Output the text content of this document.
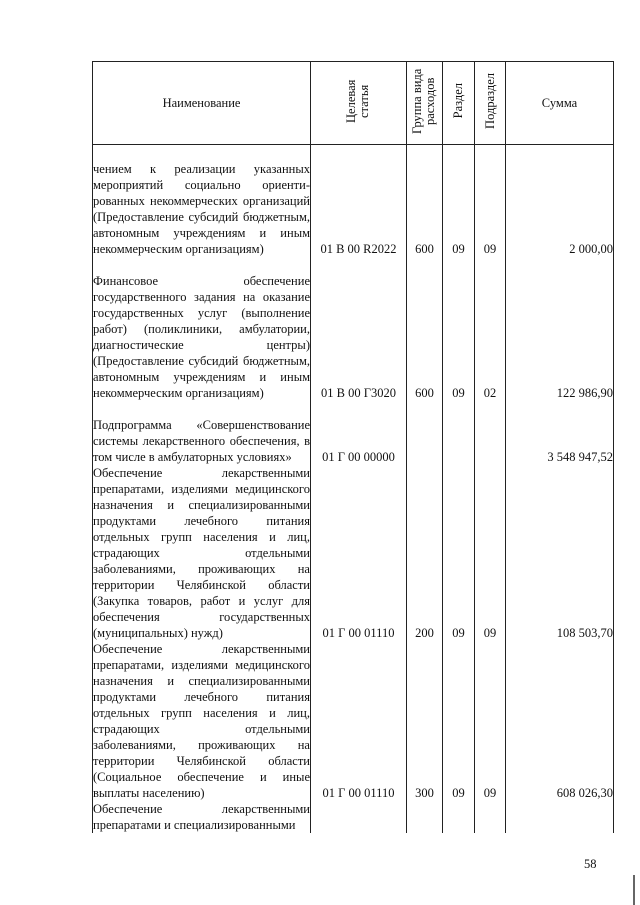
Наименование	Целевая статья	Группа вида расходов	Раздел	Подраздел	Сумма
чением к реализации указанных мероприятий социально ориенти-рованных некоммерческих организаций (Предоставление субсидий бюджетным, автономным учреждениям и иным некоммерческим организациям)	01 В 00 R2022	600	09	09	2 000,00
Финансовое обеспечение государственного задания на оказание государственных услуг (выполнение работ) (поликлиники, амбулатории, диагностические центры) (Предоставление субсидий бюджетным, автономным учреждениям и иным некоммерческим организациям)	01 В 00 Г3020	600	09	02	122 986,90
Подпрограмма «Совершенствование системы лекарственного обеспечения, в том числе в амбулаторных условиях»	01 Г 00 00000				3 548 947,52
Обеспечение лекарственными препаратами, изделиями медицинского назначения и специализированными продуктами лечебного питания отдельных групп населения и лиц, страдающих отдельными заболеваниями, проживающих на территории Челябинской области (Закупка товаров, работ и услуг для обеспечения государственных (муниципальных) нужд)	01 Г 00 01110	200	09	09	108 503,70
Обеспечение лекарственными препаратами, изделиями медицинского назначения и специализированными продуктами лечебного питания отдельных групп населения и лиц, страдающих отдельными заболеваниями, проживающих на территории Челябинской области (Социальное обеспечение и иные выплаты населению)	01 Г 00 01110	300	09	09	608 026,30
Обеспечение лекарственными препаратами и специализированными					
58
